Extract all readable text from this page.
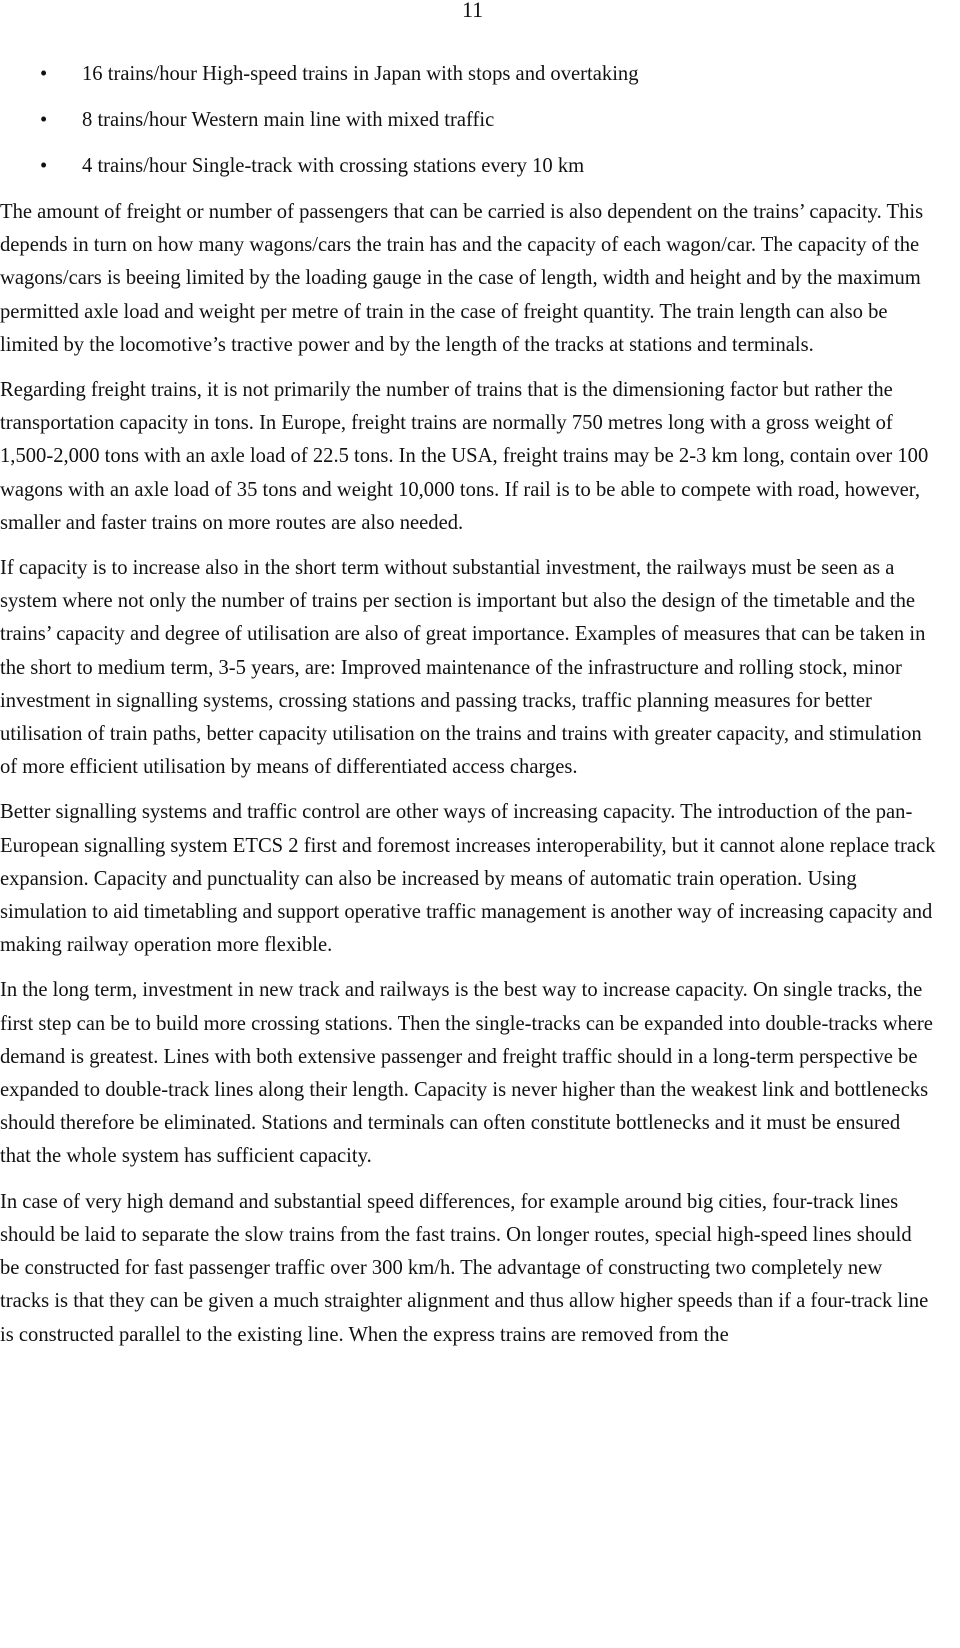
11
• 16 trains/hour High-speed trains in Japan with stops and overtaking
• 8 trains/hour Western main line with mixed traffic
• 4 trains/hour Single-track with crossing stations every 10 km

The amount of freight or number of passengers that can be carried is also dependent on the trains’ capacity. This depends in turn on how many wagons/cars the train has and the capacity of each wagon/car. The capacity of the wagons/cars is beeing limited by the loading gauge in the case of length, width and height and by the maximum permitted axle load and weight per metre of train in the case of freight quantity. The train length can also be limited by the locomotive’s tractive power and by the length of the tracks at stations and terminals.

Regarding freight trains, it is not primarily the number of trains that is the dimensioning factor but rather the transportation capacity in tons. In Europe, freight trains are normally 750 metres long with a gross weight of 1,500-2,000 tons with an axle load of 22.5 tons. In the USA, freight trains may be 2-3 km long, contain over 100 wagons with an axle load of 35 tons and weight 10,000 tons. If rail is to be able to compete with road, however, smaller and faster trains on more routes are also needed.

If capacity is to increase also in the short term without substantial investment, the railways must be seen as a system where not only the number of trains per section is important but also the design of the timetable and the trains’ capacity and degree of utilisation are also of great importance. Examples of measures that can be taken in the short to medium term, 3-5 years, are: Improved maintenance of the infrastructure and rolling stock, minor investment in signalling systems, crossing stations and passing tracks, traffic planning measures for better utilisation of train paths, better capacity utilisation on the trains and trains with greater capacity, and stimulation of more efficient utilisation by means of differentiated access charges.

Better signalling systems and traffic control are other ways of increasing capacity. The introduction of the pan-European signalling system ETCS 2 first and foremost increases interoperability, but it cannot alone replace track expansion. Capacity and punctuality can also be increased by means of automatic train operation. Using simulation to aid timetabling and support operative traffic management is another way of increasing capacity and making railway operation more flexible.

In the long term, investment in new track and railways is the best way to increase capacity. On single tracks, the first step can be to build more crossing stations. Then the single-tracks can be expanded into double-tracks where demand is greatest. Lines with both extensive passenger and freight traffic should in a long-term perspective be expanded to double-track lines along their length. Capacity is never higher than the weakest link and bottlenecks should therefore be eliminated. Stations and terminals can often constitute bottlenecks and it must be ensured that the whole system has sufficient capacity.

In case of very high demand and substantial speed differences, for example around big cities, four-track lines should be laid to separate the slow trains from the fast trains. On longer routes, special high-speed lines should be constructed for fast passenger traffic over 300 km/h. The advantage of constructing two completely new tracks is that they can be given a much straighter alignment and thus allow higher speeds than if a four-track line is constructed parallel to the existing line. When the express trains are removed from the
